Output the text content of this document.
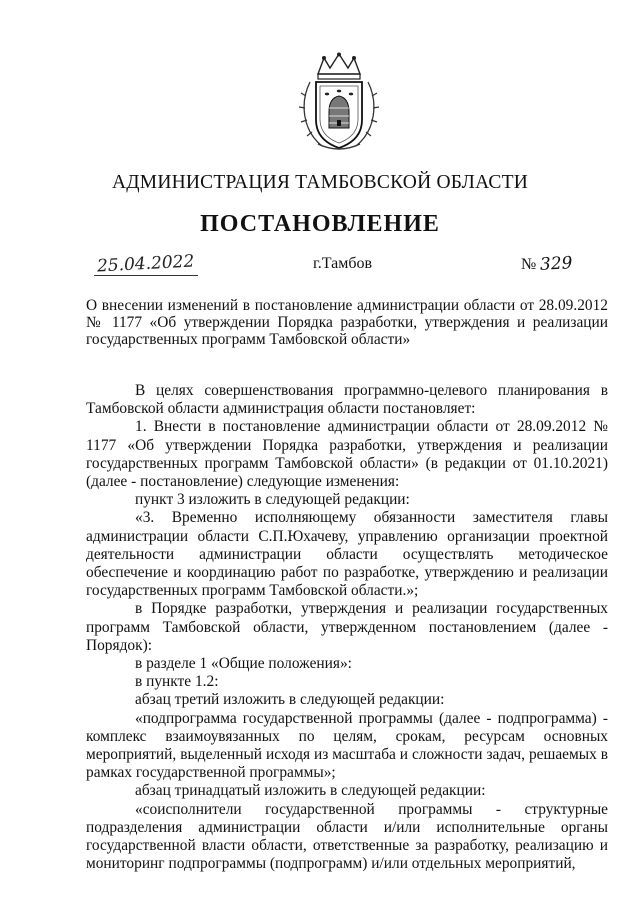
АДМИНИСТРАЦИЯ ТАМБОВСКОЙ ОБЛАСТИ
ПОСТАНОВЛЕНИЕ
25.04.2022	г.Тамбов	№ 329
О внесении изменений в постановление администрации области от 28.09.2012 № 1177 «Об утверждении Порядка разработки, утверждения и реализации государственных программ Тамбовской области»

В целях совершенствования программно-целевого планирования в Тамбовской области администрация области постановляет:

1. Внести в постановление администрации области от 28.09.2012 № 1177 «Об утверждении Порядка разработки, утверждения и реализации государственных программ Тамбовской области» (в редакции от 01.10.2021) (далее - постановление) следующие изменения:

пункт 3 изложить в следующей редакции:

«3. Временно исполняющему обязанности заместителя главы администрации области С.П.Юхачеву, управлению организации проектной деятельности администрации области осуществлять методическое обеспечение и координацию работ по разработке, утверждению и реализации государственных программ Тамбовской области.»;

в Порядке разработки, утверждения и реализации государственных программ Тамбовской области, утвержденном постановлением (далее - Порядок):

в разделе 1 «Общие положения»:

в пункте 1.2:

абзац третий изложить в следующей редакции:

«подпрограмма государственной программы (далее - подпрограмма) - комплекс взаимоувязанных по целям, срокам, ресурсам основных мероприятий, выделенный исходя из масштаба и сложности задач, решаемых в рамках государственной программы»;

абзац тринадцатый изложить в следующей редакции:

«соисполнители государственной программы - структурные подразделения администрации области и/или исполнительные органы государственной власти области, ответственные за разработку, реализацию и мониторинг подпрограммы (подпрограмм) и/или отдельных мероприятий,
